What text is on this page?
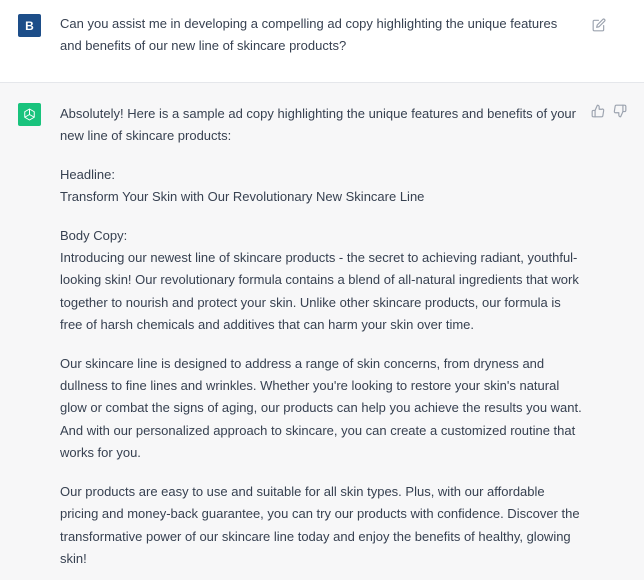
B Can you assist me in developing a compelling ad copy highlighting the unique features and benefits of our new line of skincare products?

Absolutely! Here is a sample ad copy highlighting the unique features and benefits of your new line of skincare products:

Headline:
Transform Your Skin with Our Revolutionary New Skincare Line

Body Copy:
Introducing our newest line of skincare products - the secret to achieving radiant, youthful-looking skin! Our revolutionary formula contains a blend of all-natural ingredients that work together to nourish and protect your skin. Unlike other skincare products, our formula is free of harsh chemicals and additives that can harm your skin over time.

Our skincare line is designed to address a range of skin concerns, from dryness and dullness to fine lines and wrinkles. Whether you're looking to restore your skin's natural glow or combat the signs of aging, our products can help you achieve the results you want. And with our personalized approach to skincare, you can create a customized routine that works for you.

Our products are easy to use and suitable for all skin types. Plus, with our affordable pricing and money-back guarantee, you can try our products with confidence. Discover the transformative power of our skincare line today and enjoy the benefits of healthy, glowing skin!
